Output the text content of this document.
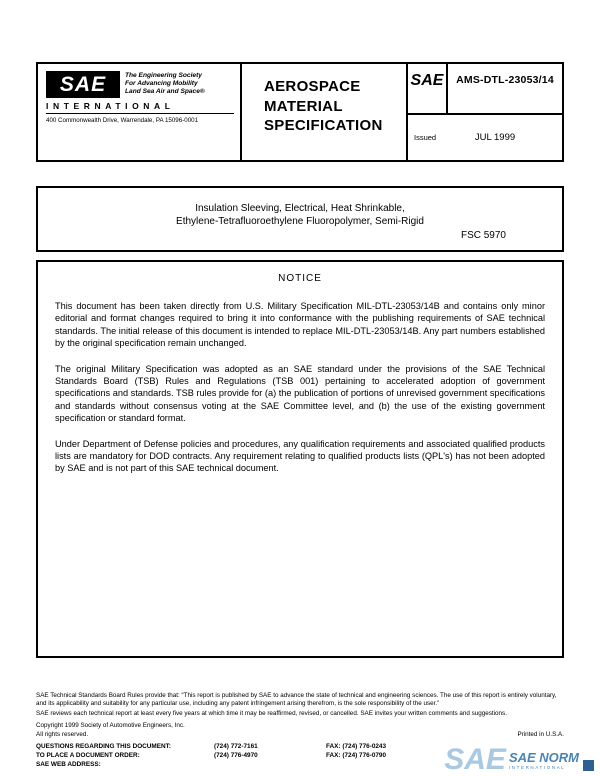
SAE	The Engineering Society
For Advancing Mobility
Land Sea Air and Space®
INTERNATIONAL
400 Commonwealth Drive, Warrendale, PA 15096-0001
AEROSPACE
MATERIAL
SPECIFICATION
SAE	AMS-DTL-23053/14
Issued	JUL 1999
Insulation Sleeving, Electrical, Heat Shrinkable,
Ethylene-Tetrafluoroethylene Fluoropolymer, Semi-Rigid
FSC 5970
NOTICE

This document has been taken directly from U.S. Military Specification MIL-DTL-23053/14B and contains only minor editorial and format changes required to bring it into conformance with the publishing requirements of SAE technical standards. The initial release of this document is intended to replace MIL-DTL-23053/14B. Any part numbers established by the original specification remain unchanged.

The original Military Specification was adopted as an SAE standard under the provisions of the SAE Technical Standards Board (TSB) Rules and Regulations (TSB 001) pertaining to accelerated adoption of government specifications and standards. TSB rules provide for (a) the publication of portions of unrevised government specifications and standards without consensus voting at the SAE Committee level, and (b) the use of the existing government specification or standard format.

Under Department of Defense policies and procedures, any qualification requirements and associated qualified products lists are mandatory for DOD contracts. Any requirement relating to qualified products lists (QPL's) has not been adopted by SAE and is not part of this SAE technical document.

SAE Technical Standards Board Rules provide that: “This report is published by SAE to advance the state of technical and engineering sciences. The use of this report is entirely voluntary, and its applicability and suitability for any particular use, including any patent infringement arising therefrom, is the sole responsibility of the user.”

SAE reviews each technical report at least every five years at which time it may be reaffirmed, revised, or cancelled. SAE invites your written comments and suggestions.

Copyright 1999 Society of Automotive Engineers, Inc.

All rights reserved.	Printed in U.S.A.
QUESTIONS REGARDING THIS DOCUMENT:	(724) 772-7161	FAX: (724) 776-0243
TO PLACE A DOCUMENT ORDER:	(724) 776-4970	FAX: (724) 776-0790
SAE WEB ADDRESS:	SAE SAE NORM
INTERNATIONAL
